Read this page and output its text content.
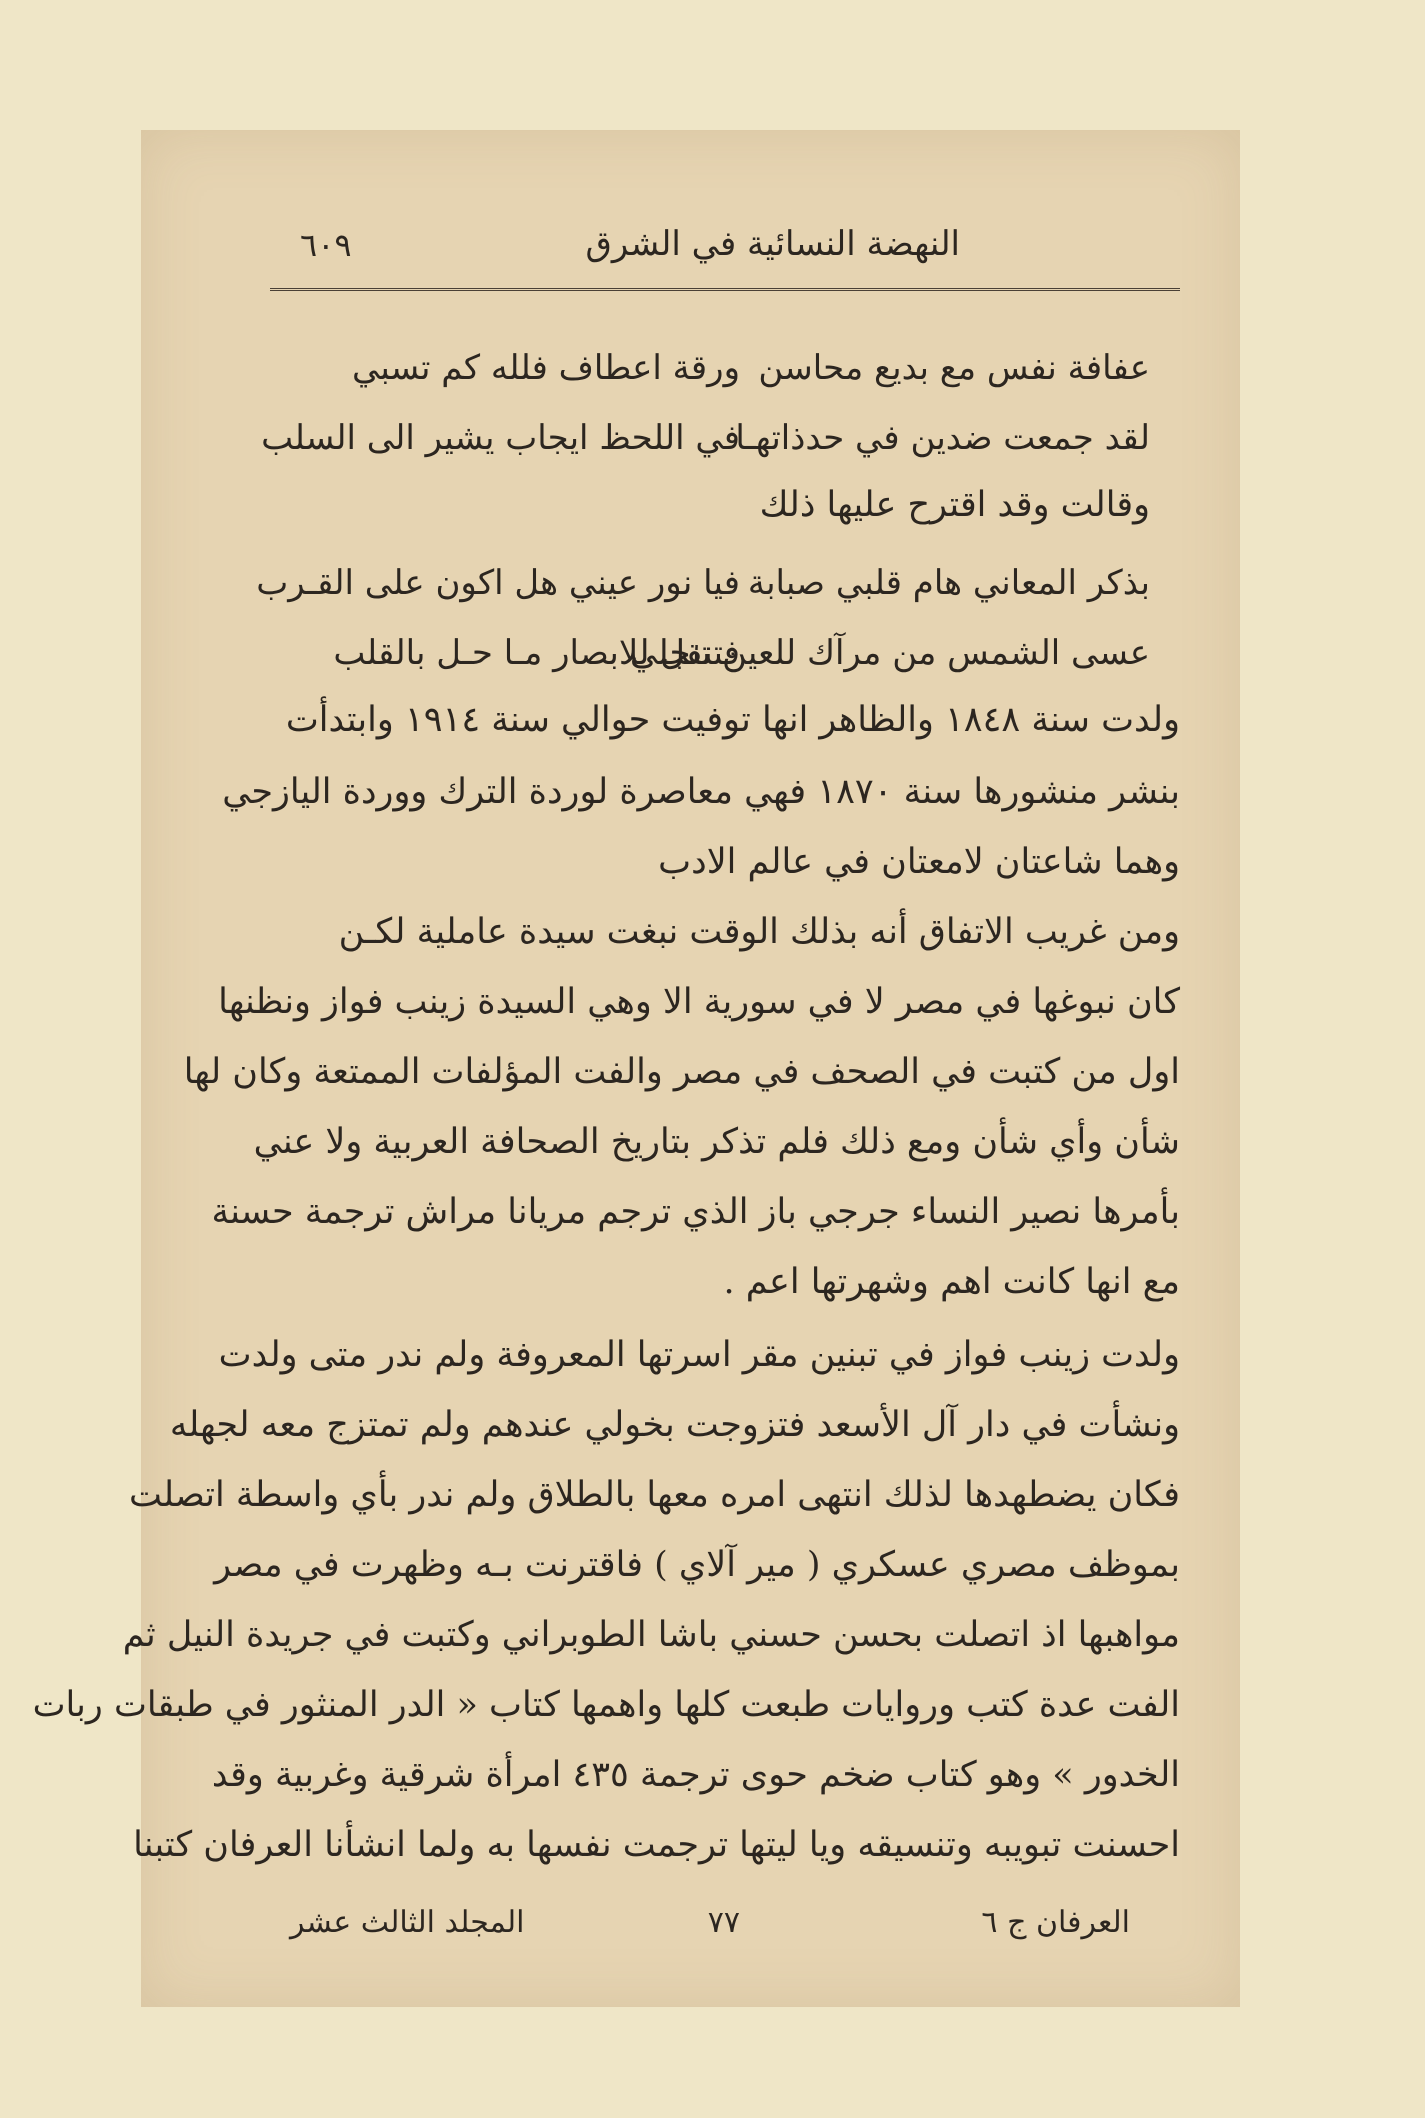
النهضة النسائية في الشرق
٦٠٩
عفافة نفس مع بديع محاسن
ورقة اعطاف فلله كم تسبي
لقد جمعت ضدين في حدذاتهـا
في اللحظ ايجاب يشير الى السلب
وقالت وقد اقترح عليها ذلك
بذكر المعاني هام قلبي صبابة
فيا نور عيني هل اكون على القـرب
عسى الشمس من مرآك للعين تنجلي
فتنقل للابصار مـا حـل بالقلب
ولدت سنة ١٨٤٨ والظاهر انها توفيت حوالي سنة ١٩١٤ وابتدأت
بنشر منشورها سنة ١٨٧٠ فهي معاصرة لوردة الترك ووردة اليازجي
وهما شاعتان لامعتان في عالم الادب
ومن غريب الاتفاق أنه بذلك الوقت نبغت سيدة عاملية لكـن
كان نبوغها في مصر لا في سورية الا وهي السيدة زينب فواز ونظنها
اول من كتبت في الصحف في مصر والفت المؤلفات الممتعة وكان لها
شأن وأي شأن ومع ذلك فلم تذكر بتاريخ الصحافة العربية ولا عني
بأمرها نصير النساء جرجي باز الذي ترجم مريانا مراش ترجمة حسنة
مع انها كانت اهم وشهرتها اعم .
ولدت زينب فواز في تبنين مقر اسرتها المعروفة ولم ندر متى ولدت
ونشأت في دار آل الأسعد فتزوجت بخولي عندهم ولم تمتزج معه لجهله
فكان يضطهدها لذلك انتهى امره معها بالطلاق ولم ندر بأي واسطة اتصلت
بموظف مصري عسكري ( مير آلاي ) فاقترنت بـه وظهرت في مصر
مواهبها اذ اتصلت بحسن حسني باشا الطوبراني وكتبت في جريدة النيل ثم
الفت عدة كتب وروايات طبعت كلها واهمها كتاب « الدر المنثور في طبقات ربات
الخدور » وهو كتاب ضخم حوى ترجمة ٤٣٥ امرأة شرقية وغربية وقد
احسنت تبويبه وتنسيقه ويا ليتها ترجمت نفسها به ولما انشأنا العرفان كتبنا
العرفان ج ٦
٧٧
المجلد الثالث عشر
